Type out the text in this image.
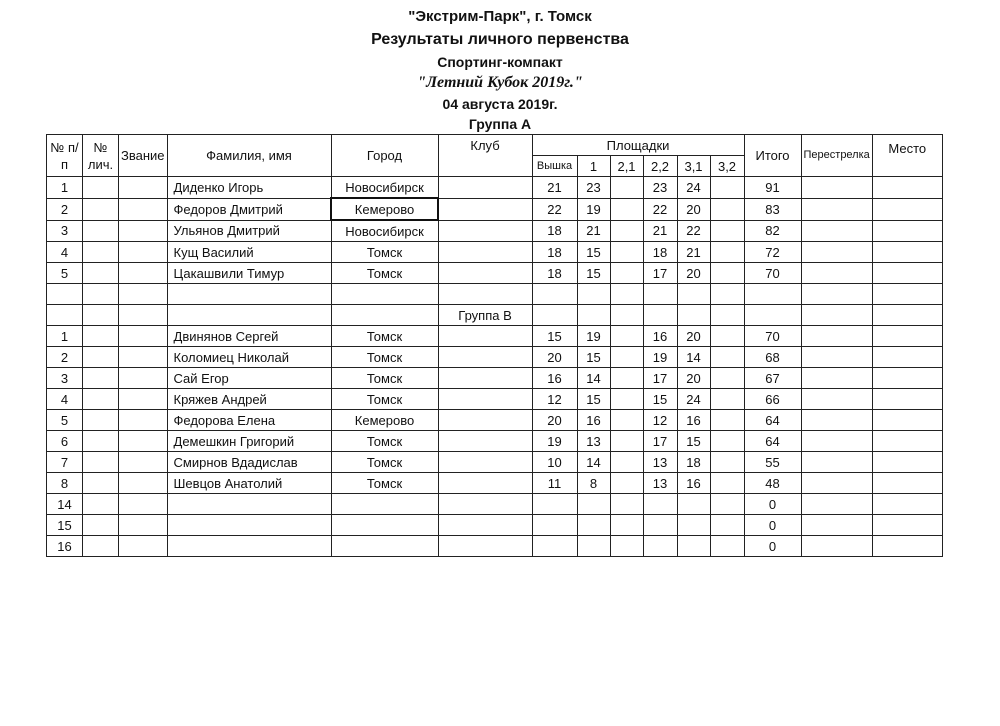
"Экстрим-Парк", г. Томск
Результаты личного первенства
Спортинг-компакт
"Летний Кубок 2019г."
04 августа 2019г.
Группа А
№ п/п	№ лич.	Звание	Фамилия, имя	Город	Клуб	Площадки						Итого	Перестрелка	Место
						Вышка	1	2,1	2,2	3,1	3,2			
1			Диденко Игорь	Новосибирск		21	23		23	24		91		
2			Федоров Дмитрий	Кемерово		22	19		22	20		83		
3			Ульянов Дмитрий	Новосибирск		18	21		21	22		82		
4			Кущ Василий	Томск		18	15		18	21		72		
5			Цакашвили Тимур	Томск		18	15		17	20		70		

					Группа В									
1			Двинянов Сергей	Томск		15	19		16	20		70		
2			Коломиец Николай	Томск		20	15		19	14		68		
3			Сай Егор	Томск		16	14		17	20		67		
4			Кряжев Андрей	Томск		12	15		15	24		66		
5			Федорова Елена	Кемерово		20	16		12	16		64		
6			Демешкин Григорий	Томск		19	13		17	15		64		
7			Смирнов Вдадислав	Томск		10	14		13	18		55		
8			Шевцов Анатолий	Томск		11	8		13	16		48		
14												0		
15												0		
16												0		
